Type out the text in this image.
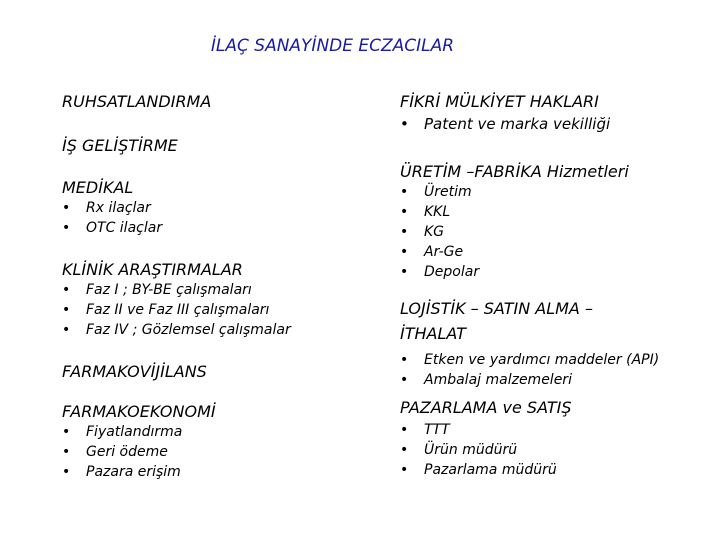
İLAÇ SANAYİNDE ECZACILAR
RUHSATLANDIRMA
İŞ GELİŞTİRME
MEDİKAL
• Rx ilaçlar
• OTC ilaçlar
KLİNİK ARAŞTIRMALAR
• Faz I ; BY-BE çalışmaları
• Faz II ve Faz III çalışmaları
• Faz IV ; Gözlemsel çalışmalar
FARMAKOVİJİLANS
FARMAKOEKONOMİ
• Fiyatlandırma
• Geri ödeme
• Pazara erişim
FİKRİ MÜLKİYET HAKLARI
• Patent ve marka vekilliği
ÜRETİM –FABRİKA Hizmetleri
• Üretim
• KKL
• KG
• Ar-Ge
• Depolar
LOJİSTİK – SATIN ALMA –
İTHALAT
• Etken ve yardımcı maddeler (API)
• Ambalaj malzemeleri
PAZARLAMA ve SATIŞ
• TTT
• Ürün müdürü
• Pazarlama müdürü
